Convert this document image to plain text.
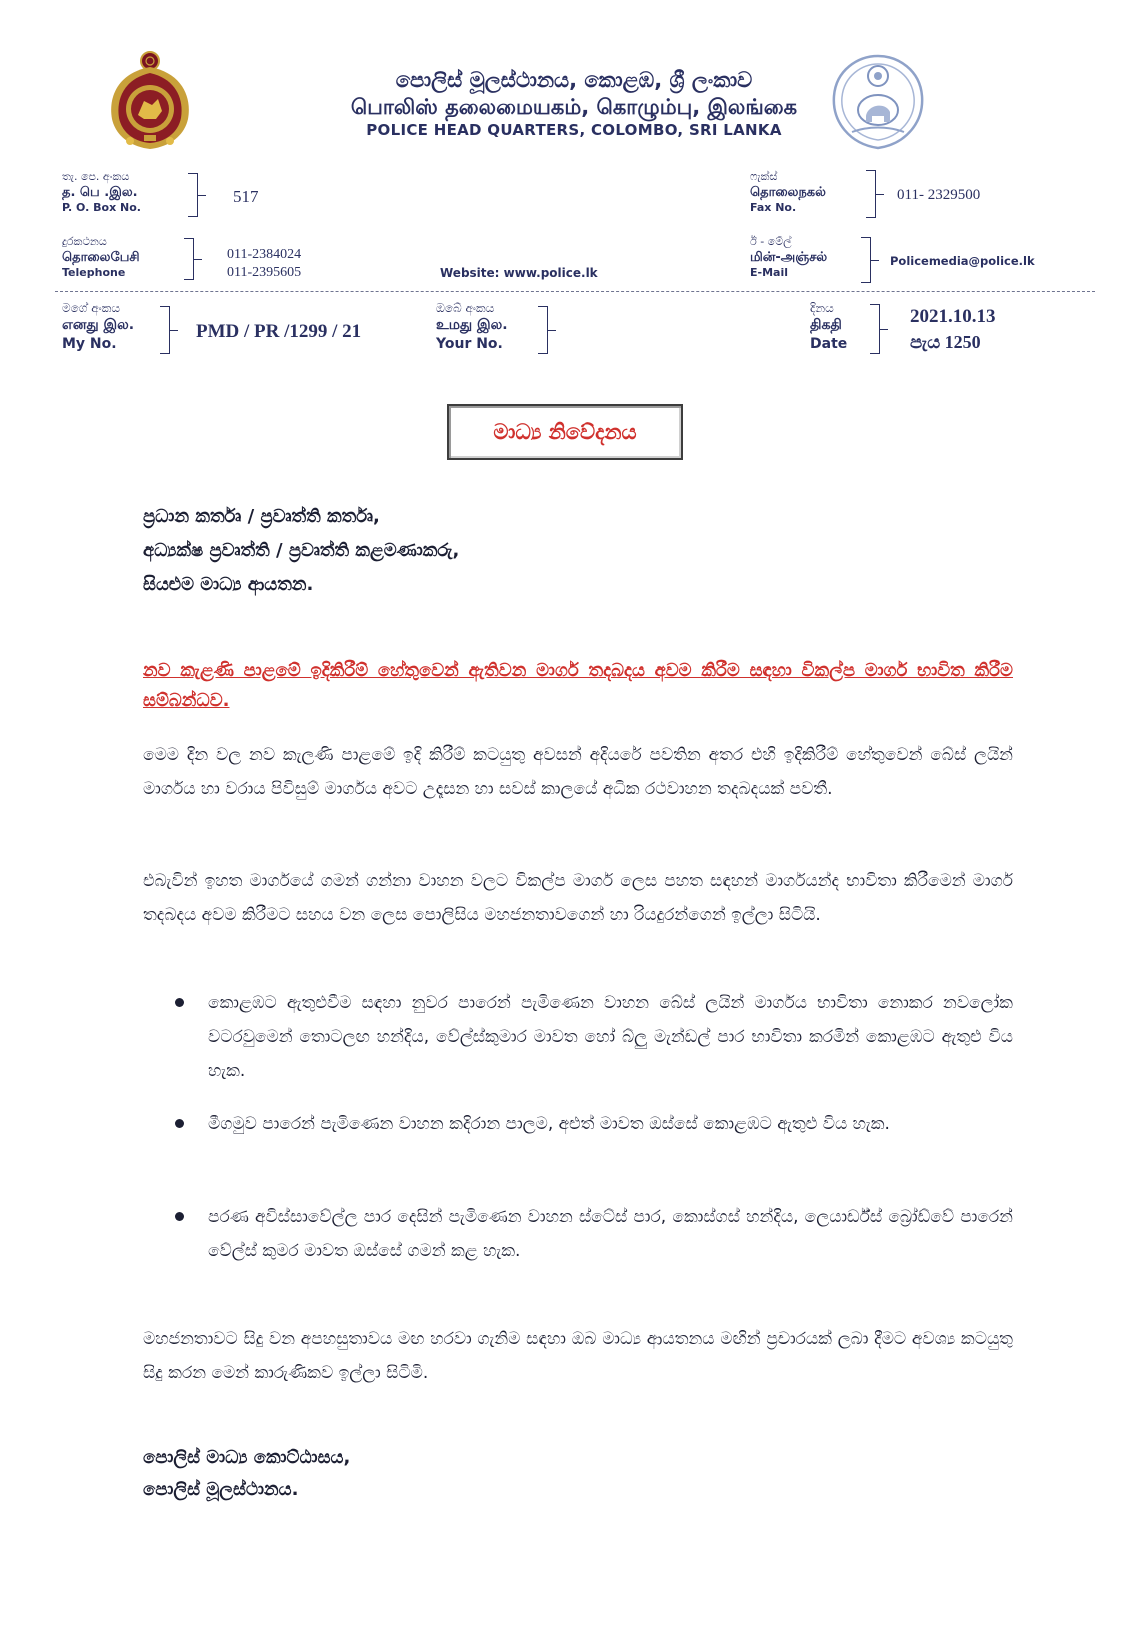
පොලිස් මූලස්ථානය, කොළඹ, ශ්‍රී ලංකාව
பொலிஸ் தலைமையகம், கொழும்பு, இலங்கை
POLICE HEAD QUARTERS, COLOMBO, SRI LANKA
තැ. පෙ. අංකය
த. பெ .இல.
P. O. Box No.
517
ෆැක්ස්
தொலைநகல்
Fax No.
011- 2329500
දුරකථනය
தொலைபேசி
Telephone
011-2384024
011-2395605	Website: www.police.lk
ඊ - මේල්
மின்-அஞ்சல்
E-Mail
Policemedia@police.lk
මගේ අංකය
எனது இல.
My No.
PMD / PR /1299 / 21
ඔබේ අංකය
உமது இல.
Your No.
දිනය
திகதி
Date
2021.10.13
පැය 1250
මාධ්‍ය නිවේදනය
ප්‍රධාන කර්තෘ / ප්‍රවෘත්ති කර්තෘ,
අධ්‍යක්ෂ ප්‍රවෘත්ති / ප්‍රවෘත්ති කළමණාකරු,
සියළුම මාධ්‍ය ආයතන.
නව කැළණි පාළමේ ඉදිකිරීම් හේතුවෙන් ඇතිවන මාර්ග තදබදය අවම කිරීම සඳහා විකල්ප මාර්ග භාවිත කිරීම සම්බන්ධව.
මෙම දින වල නව කැලණි පාළමේ ඉදි කිරීම් කටයුතු අවසන් අදියරේ පවතින අතර එහි ඉදිකිරීම් හේතුවෙන් බේස් ලයින් මාර්ගය හා වරාය පිවිසුම් මාර්ගය අවට උදෑසන හා සවස් කාලයේ අධික රථවාහන තදබදයක් පවතී.
එබැවින් ඉහත මාර්ගයේ ගමන් ගන්නා වාහන වලට විකල්ප මාර්ග ලෙස පහත සඳහන් මාර්ගයන්ද භාවිතා කිරීමෙන් මාර්ග තදබදය අවම කිරීමට සහය වන ලෙස පොලිසිය මහජනතාවගෙන් හා රියදුරන්ගෙන් ඉල්ලා සිටියි.
කොළඹට ඇතුළුවීම සඳහා නුවර පාරෙන් පැමිණෙන වාහන බේස් ලයින් මාර්ගය භාවිතා නොකර නවලෝක වටරවුමෙන් තොටලඟ හන්දිය, වේල්ස්කුමාර මාවත හෝ බ්ලු මැන්ඩල් පාර භාවිතා කරමින් කොළඹට ඇතුළු විය හැක.
මීගමුව පාරෙන් පැමිණෙන වාහන කදිරාන පාලම, අළුත් මාවත ඔස්සේ කොළඹට ඇතුළු විය හැක.
පරණ අවිස්සාවේල්ල පාර දෙසින් පැමිණෙන වාහන ස්ටේස් පාර, කොස්ගස් හන්දිය, ලෙයාර්ඩ්ස් බ්‍රෝඩ්වේ පාරෙන් වේල්ස් කුමර මාවත ඔස්සේ ගමන් කළ හැක.
මහජනතාවට සිදු වන අපහසුතාවය මඟ හරවා ගැනිම සඳහා ඔබ මාධ්‍ය ආයතනය මඟින් ප්‍රචාරයක් ලබා දීමට අවශ්‍ය කටයුතු සිදු කරන මෙන් කාරුණිකව ඉල්ලා සිටිමි.
පොලිස් මාධ්‍ය කොට්ඨාසය,
පොලිස් මූලස්ථානය.
